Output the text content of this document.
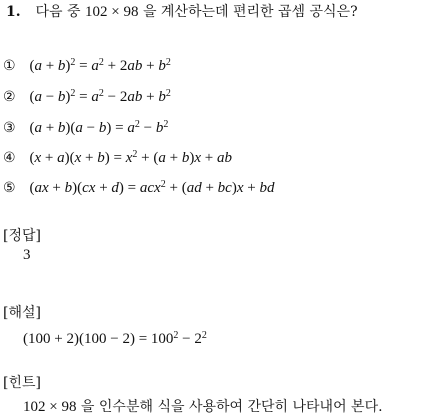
1. 다음 중 102 × 98 을 계산하는데 편리한 곱셈 공식은?
① $(a + b)^2 = a^2 + 2ab + b^2$
② $(a - b)^2 = a^2 - 2ab + b^2$
③ $(a + b)(a - b) = a^2 - b^2$
④ $(x + a)(x + b) = x^2 + (a + b)x$ + ab
⑤ (ax + b)(cx + d) = acx$^2$ + (ad + bc)x + bd
[정답]
3
[해설]
$(100 + 2)(100 - 2) = 100^2 - 2^2$
[힌트]
102 × 98 을 인수분해 식을 사용하여 간단히 나타내어 본다.
